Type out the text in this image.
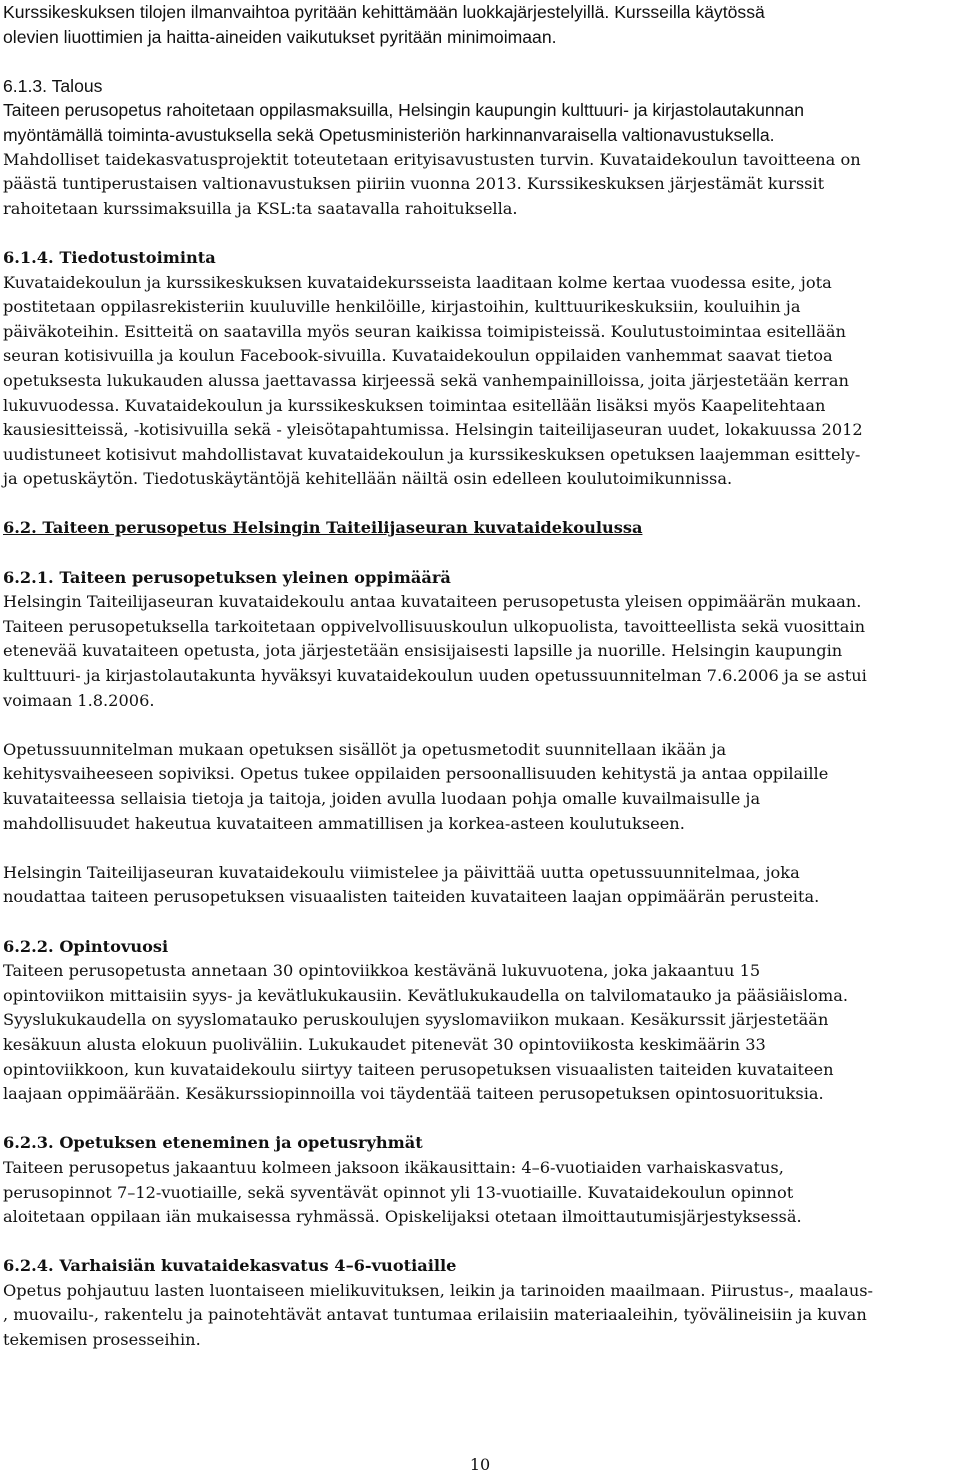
Kurssikeskuksen tilojen ilmanvaihtoa pyritään kehittämään luokkajärjestelyillä. Kursseilla käytössä
olevien liuottimien ja haitta-aineiden vaikutukset pyritään minimoimaan.
6.1.3. Talous
Taiteen perusopetus rahoitetaan oppilasmaksuilla, Helsingin kaupungin kulttuuri- ja kirjastolautakunnan
myöntämällä toiminta-avustuksella sekä Opetusministeriön harkinnanvaraisella valtionavustuksella.
Mahdolliset taidekasvatusprojektit toteutetaan erityisavustusten turvin. Kuvataidekoulun tavoitteena on
päästä tuntiperustaisen valtionavustuksen piiriin vuonna 2013. Kurssikeskuksen järjestämät kurssit
rahoitetaan kurssimaksuilla ja KSL:ta saatavalla rahoituksella.
6.1.4. Tiedotustoiminta
Kuvataidekoulun ja kurssikeskuksen kuvataidekursseista laaditaan kolme kertaa vuodessa esite, jota
postitetaan oppilasrekisteriin kuuluville henkilöille, kirjastoihin, kulttuurikeskuksiin, kouluihin ja
päiväkoteihin. Esitteitä on saatavilla myös seuran kaikissa toimipisteissä. Koulutustoimintaa esitellään
seuran kotisivuilla ja koulun Facebook-sivuilla. Kuvataidekoulun oppilaiden vanhemmat saavat tietoa
opetuksesta lukukauden alussa jaettavassa kirjeessä sekä vanhempainilloissa, joita järjestetään kerran
lukuvuodessa. Kuvataidekoulun ja kurssikeskuksen toimintaa esitellään lisäksi myös Kaapelitehtaan
kausiesitteissä, -kotisivuilla sekä - yleisötapahtumissa. Helsingin taiteilijaseuran uudet, lokakuussa 2012
uudistuneet kotisivut mahdollistavat kuvataidekoulun ja kurssikeskuksen opetuksen laajemman esittely-
ja opetuskäytön. Tiedotuskäytäntöjä kehitellään näiltä osin edelleen koulutoimikunnissa.
6.2. Taiteen perusopetus Helsingin Taiteilijaseuran kuvataidekoulussa
6.2.1. Taiteen perusopetuksen yleinen oppimäärä
Helsingin Taiteilijaseuran kuvataidekoulu antaa kuvataiteen perusopetusta yleisen oppimäärän mukaan.
Taiteen perusopetuksella tarkoitetaan oppivelvollisuuskoulun ulkopuolista, tavoitteellista sekä vuosittain
etenevää kuvataiteen opetusta, jota järjestetään ensisijaisesti lapsille ja nuorille. Helsingin kaupungin
kulttuuri- ja kirjastolautakunta hyväksyi kuvataidekoulun uuden opetussuunnitelman 7.6.2006 ja se astui
voimaan 1.8.2006.
Opetussuunnitelman mukaan opetuksen sisällöt ja opetusmetodit suunnitellaan ikään ja
kehitysvaiheeseen sopiviksi. Opetus tukee oppilaiden persoonallisuuden kehitystä ja antaa oppilaille
kuvataiteessa sellaisia tietoja ja taitoja, joiden avulla luodaan pohja omalle kuvailmaisulle ja
mahdollisuudet hakeutua kuvataiteen ammatillisen ja korkea-asteen koulutukseen.
Helsingin Taiteilijaseuran kuvataidekoulu viimistelee ja päivittää uutta opetussuunnitelmaa, joka
noudattaa taiteen perusopetuksen visuaalisten taiteiden kuvataiteen laajan oppimäärän perusteita.
6.2.2. Opintovuosi
Taiteen perusopetusta annetaan 30 opintoviikkoa kestävänä lukuvuotena, joka jakaantuu 15
opintoviikon mittaisiin syys- ja kevätlukukausiin. Kevätlukukaudella on talvilomatauko ja pääsiäisloma.
Syyslukukaudella on syyslomatauko peruskoulujen syyslomaviikon mukaan. Kesäkurssit järjestetään
kesäkuun alusta elokuun puoliväliin. Lukukaudet pitenevät 30 opintoviikosta keskimäärin 33
opintoviikkoon, kun kuvataidekoulu siirtyy taiteen perusopetuksen visuaalisten taiteiden kuvataiteen
laajaan oppimäärään. Kesäkurssiopinnoilla voi täydentää taiteen perusopetuksen opintosuorituksia.
6.2.3. Opetuksen eteneminen ja opetusryhmät
Taiteen perusopetus jakaantuu kolmeen jaksoon ikäkausittain: 4–6-vuotiaiden varhaiskasvatus,
perusopinnot 7–12-vuotiaille, sekä syventävät opinnot yli 13-vuotiaille. Kuvataidekoulun opinnot
aloitetaan oppilaan iän mukaisessa ryhmässä. Opiskelijaksi otetaan ilmoittautumisjärjestyksessä.
6.2.4. Varhaisiän kuvataidekasvatus 4–6-vuotiaille
Opetus pohjautuu lasten luontaiseen mielikuvituksen, leikin ja tarinoiden maailmaan. Piirustus-, maalaus-
, muovailu-, rakentelu ja painotehtävät antavat tuntumaa erilaisiin materiaaleihin, työvälineisiin ja kuvan
tekemisen prosesseihin.
10
